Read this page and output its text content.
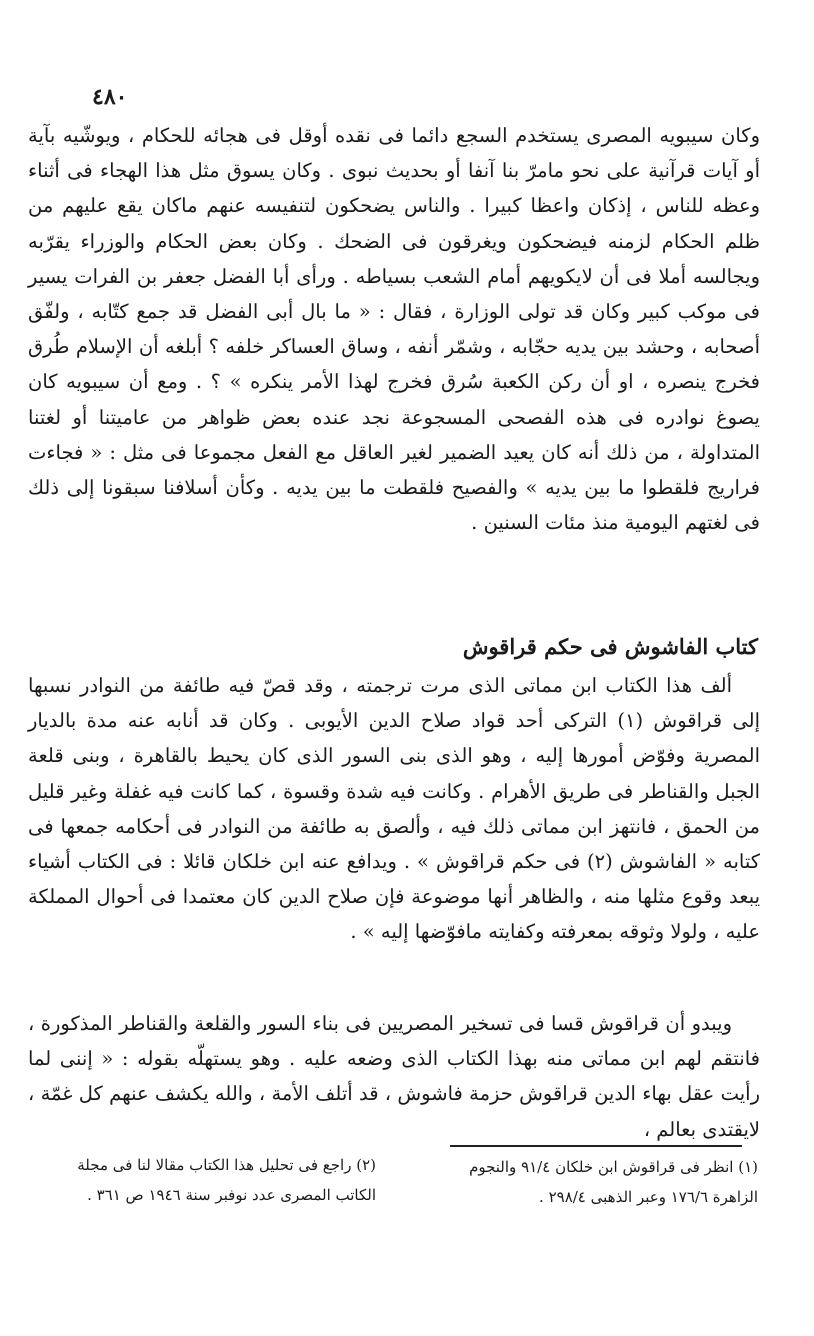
٤٨٠

وكان سيبويه المصرى يستخدم السجع دائما فى نقده أوقل فى هجائه للحكام ، ويوشّيه بآية أو آيات قرآنية على نحو مامرّ بنا آنفا أو بحديث نبوى . وكان يسوق مثل هذا الهجاء فى أثناء وعظه للناس ، إذكان واعظا كبيرا . والناس يضحكون لتنفيسه عنهم ماكان يقع عليهم من ظلم الحكام لزمنه فيضحكون ويغرقون فى الضحك . وكان بعض الحكام والوزراء يقرّبه ويجالسه أملا فى أن لايكويهم أمام الشعب بسياطه . ورأى أبا الفضل جعفر بن الفرات يسير فى موكب كبير وكان قد تولى الوزارة ، فقال : « ما بال أبى الفضل قد جمع كتّابه ، ولفّق أصحابه ، وحشد بين يديه حجّابه ، وشمّر أنفه ، وساق العساكر خلفه ؟ أبلغه أن الإسلام طُرق فخرج ينصره ، او أن ركن الكعبة سُرق فخرج لهذا الأمر ينكره » ؟ . ومع أن سيبويه كان يصوغ نوادره فى هذه الفصحى المسجوعة نجد عنده بعض ظواهر من عاميتنا أو لغتنا المتداولة ، من ذلك أنه كان يعيد الضمير لغير العاقل مع الفعل مجموعا فى مثل : « فجاءت فراريج فلقطوا ما بين يديه » والفصيح فلقطت ما بين يديه . وكأن أسلافنا سبقونا إلى ذلك فى لغتهم اليومية منذ مئات السنين .

كتاب الفاشوش فى حكم قراقوش

ألف هذا الكتاب ابن مماتى الذى مرت ترجمته ، وقد قصّ فيه طائفة من النوادر نسبها إلى قراقوش (١) التركى أحد قواد صلاح الدين الأيوبى . وكان قد أنابه عنه مدة بالديار المصرية وفوّض أمورها إليه ، وهو الذى بنى السور الذى كان يحيط بالقاهرة ، وبنى قلعة الجبل والقناطر فى طريق الأهرام . وكانت فيه شدة وقسوة ، كما كانت فيه غفلة وغير قليل من الحمق ، فانتهز ابن مماتى ذلك فيه ، وألصق به طائفة من النوادر فى أحكامه جمعها فى كتابه « الفاشوش (٢) فى حكم قراقوش » . ويدافع عنه ابن خلكان قائلا : فى الكتاب أشياء يبعد وقوع مثلها منه ، والظاهر أنها موضوعة فإن صلاح الدين كان معتمدا فى أحوال المملكة عليه ، ولولا وثوقه بمعرفته وكفايته مافوّضها إليه » .

ويبدو أن قراقوش قسا فى تسخير المصريين فى بناء السور والقلعة والقناطر المذكورة ، فانتقم لهم ابن مماتى منه بهذا الكتاب الذى وضعه عليه . وهو يستهلّه بقوله : « إننى لما رأيت عقل بهاء الدين قراقوش حزمة فاشوش ، قد أتلف الأمة ، والله يكشف عنهم كل غمّة ، لايقتدى بعالم ،

(١) انظر فى قراقوش ابن خلكان ٩١/٤ والنجوم الزاهرة ١٧٦/٦ وعبر الذهبى ٢٩٨/٤ .

(٢) راجع فى تحليل هذا الكتاب مقالا لنا فى مجلة الكاتب المصرى عدد نوفبر سنة ١٩٤٦ ص ٣٦١ .
